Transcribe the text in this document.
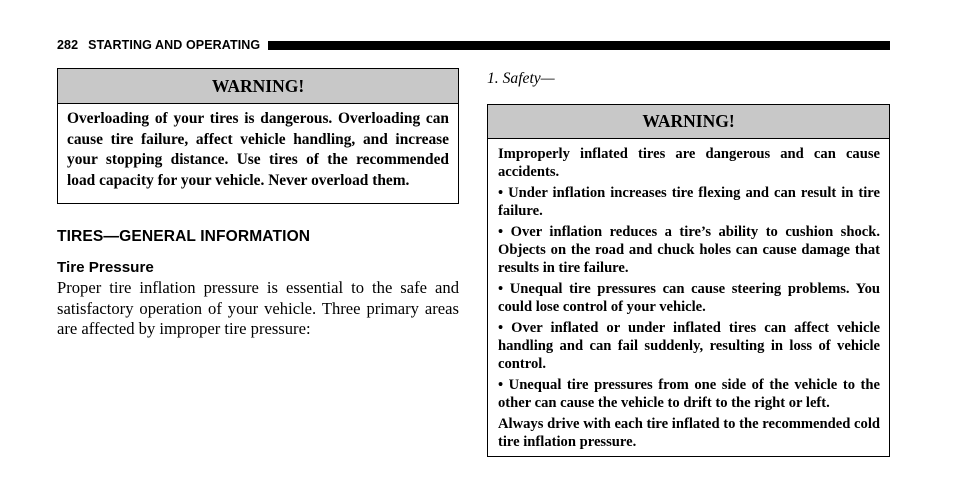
282 STARTING AND OPERATING
WARNING!
Overloading of your tires is dangerous. Overloading can cause tire failure, affect vehicle handling, and increase your stopping distance. Use tires of the recommended load capacity for your vehicle. Never overload them.
TIRES—GENERAL INFORMATION
Tire Pressure
Proper tire inflation pressure is essential to the safe and satisfactory operation of your vehicle. Three primary areas are affected by improper tire pressure:
1. Safety—
WARNING!
Improperly inflated tires are dangerous and can cause accidents.
• Under inflation increases tire flexing and can result in tire failure.
• Over inflation reduces a tire’s ability to cushion shock. Objects on the road and chuck holes can cause damage that results in tire failure.
• Unequal tire pressures can cause steering problems. You could lose control of your vehicle.
• Over inflated or under inflated tires can affect vehicle handling and can fail suddenly, resulting in loss of vehicle control.
• Unequal tire pressures from one side of the vehicle to the other can cause the vehicle to drift to the right or left.
Always drive with each tire inflated to the recommended cold tire inflation pressure.
